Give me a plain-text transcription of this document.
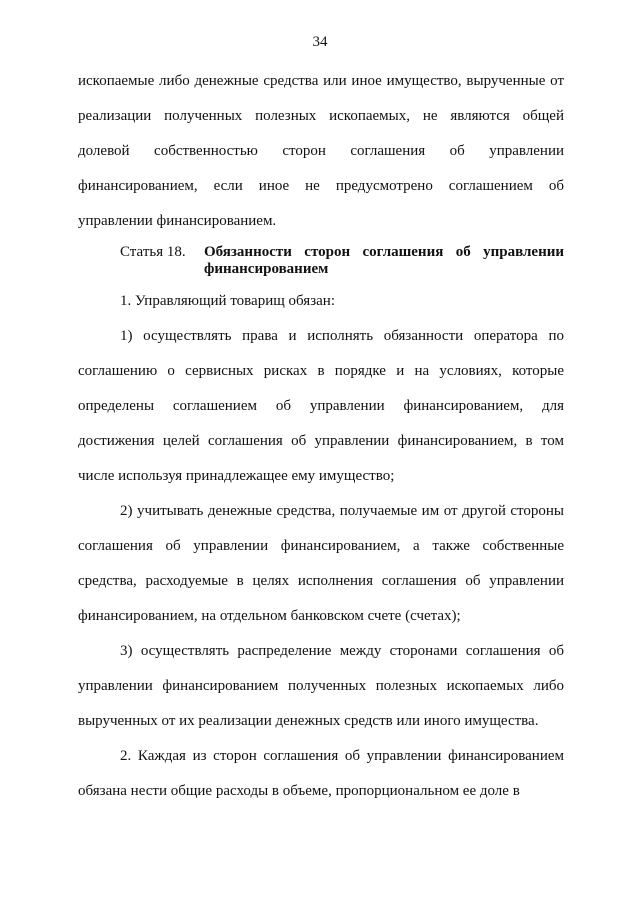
34

ископаемые либо денежные средства или иное имущество, вырученные от реализации полученных полезных ископаемых, не являются общей долевой собственностью сторон соглашения об управлении финансированием, если иное не предусмотрено соглашением об управлении финансированием.

Статья 18.	Обязанности сторон соглашения об управлении финансированием

1. Управляющий товарищ обязан:

1) осуществлять права и исполнять обязанности оператора по соглашению о сервисных рисках в порядке и на условиях, которые определены соглашением об управлении финансированием, для достижения целей соглашения об управлении финансированием, в том числе используя принадлежащее ему имущество;

2) учитывать денежные средства, получаемые им от другой стороны соглашения об управлении финансированием, а также собственные средства, расходуемые в целях исполнения соглашения об управлении финансированием, на отдельном банковском счете (счетах);

3) осуществлять распределение между сторонами соглашения об управлении финансированием полученных полезных ископаемых либо вырученных от их реализации денежных средств или иного имущества.

2. Каждая из сторон соглашения об управлении финансированием обязана нести общие расходы в объеме, пропорциональном ее доле в
